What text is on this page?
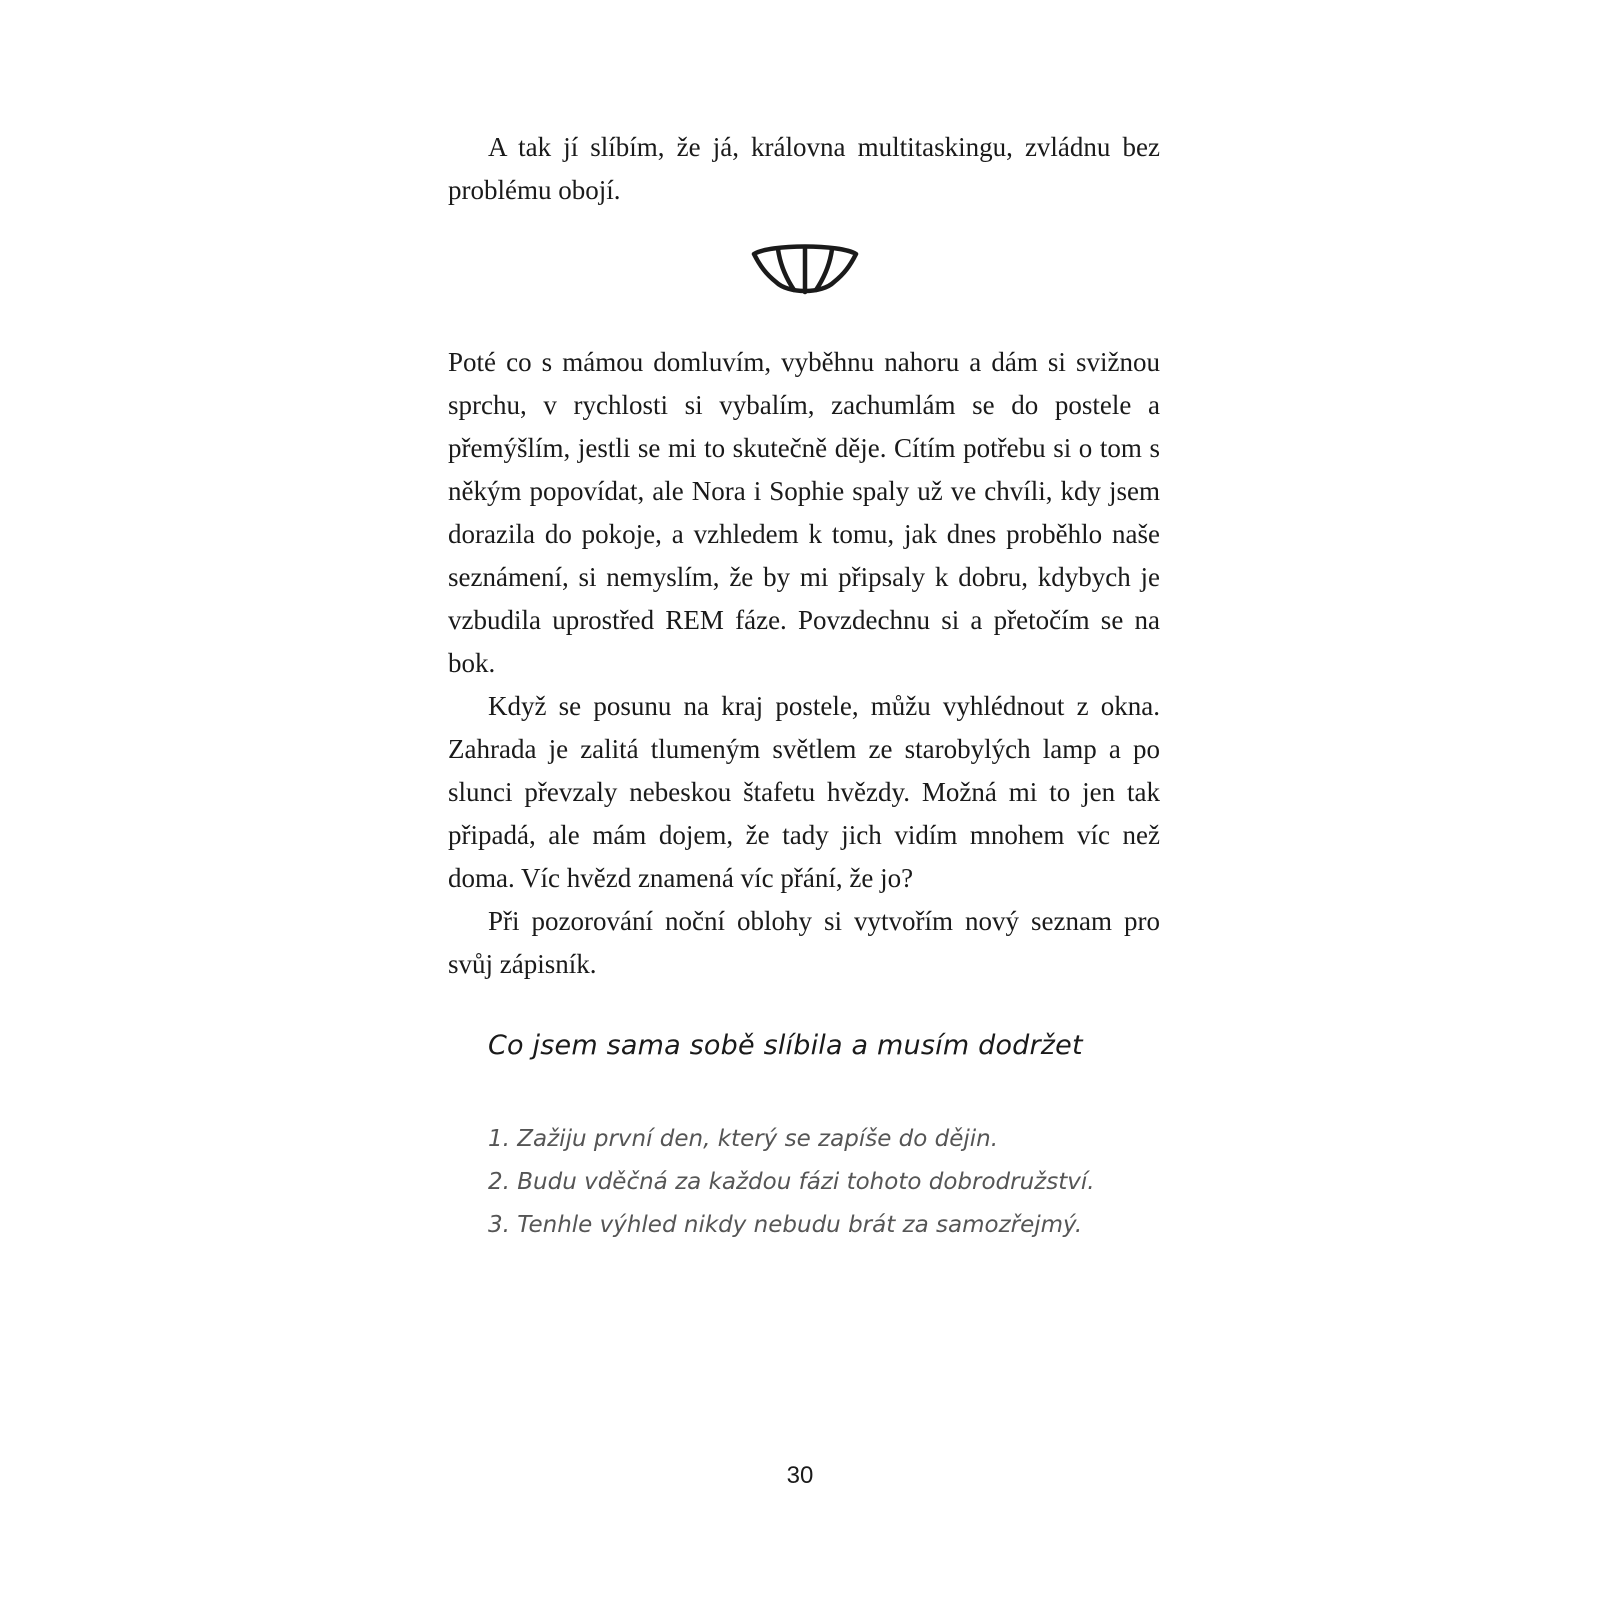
A tak jí slíbím, že já, královna multitaskingu, zvládnu bez problému obojí.

Poté co s mámou domluvím, vyběhnu nahoru a dám si svižnou sprchu, v rychlosti si vybalím, zachumlám se do postele a přemýšlím, jestli se mi to skutečně děje. Cítím potřebu si o tom s někým popovídat, ale Nora i Sophie spaly už ve chvíli, kdy jsem dorazila do pokoje, a vzhledem k tomu, jak dnes proběhlo naše seznámení, si nemyslím, že by mi připsaly k dobru, kdybych je vzbudila uprostřed REM fáze. Povzdechnu si a přetočím se na bok.

Když se posunu na kraj postele, můžu vyhlédnout z okna. Zahrada je zalitá tlumeným světlem ze starobylých lamp a po slunci převzaly nebeskou štafetu hvězdy. Možná mi to jen tak připadá, ale mám dojem, že tady jich vidím mnohem víc než doma. Víc hvězd znamená víc přání, že jo?

Při pozorování noční oblohy si vytvořím nový seznam pro svůj zápisník.

Co jsem sama sobě slíbila a musím dodržet
1. Zažiju první den, který se zapíše do dějin.
2. Budu vděčná za každou fázi tohoto dobrodružství.
3. Tenhle výhled nikdy nebudu brát za samozřejmý.
30
